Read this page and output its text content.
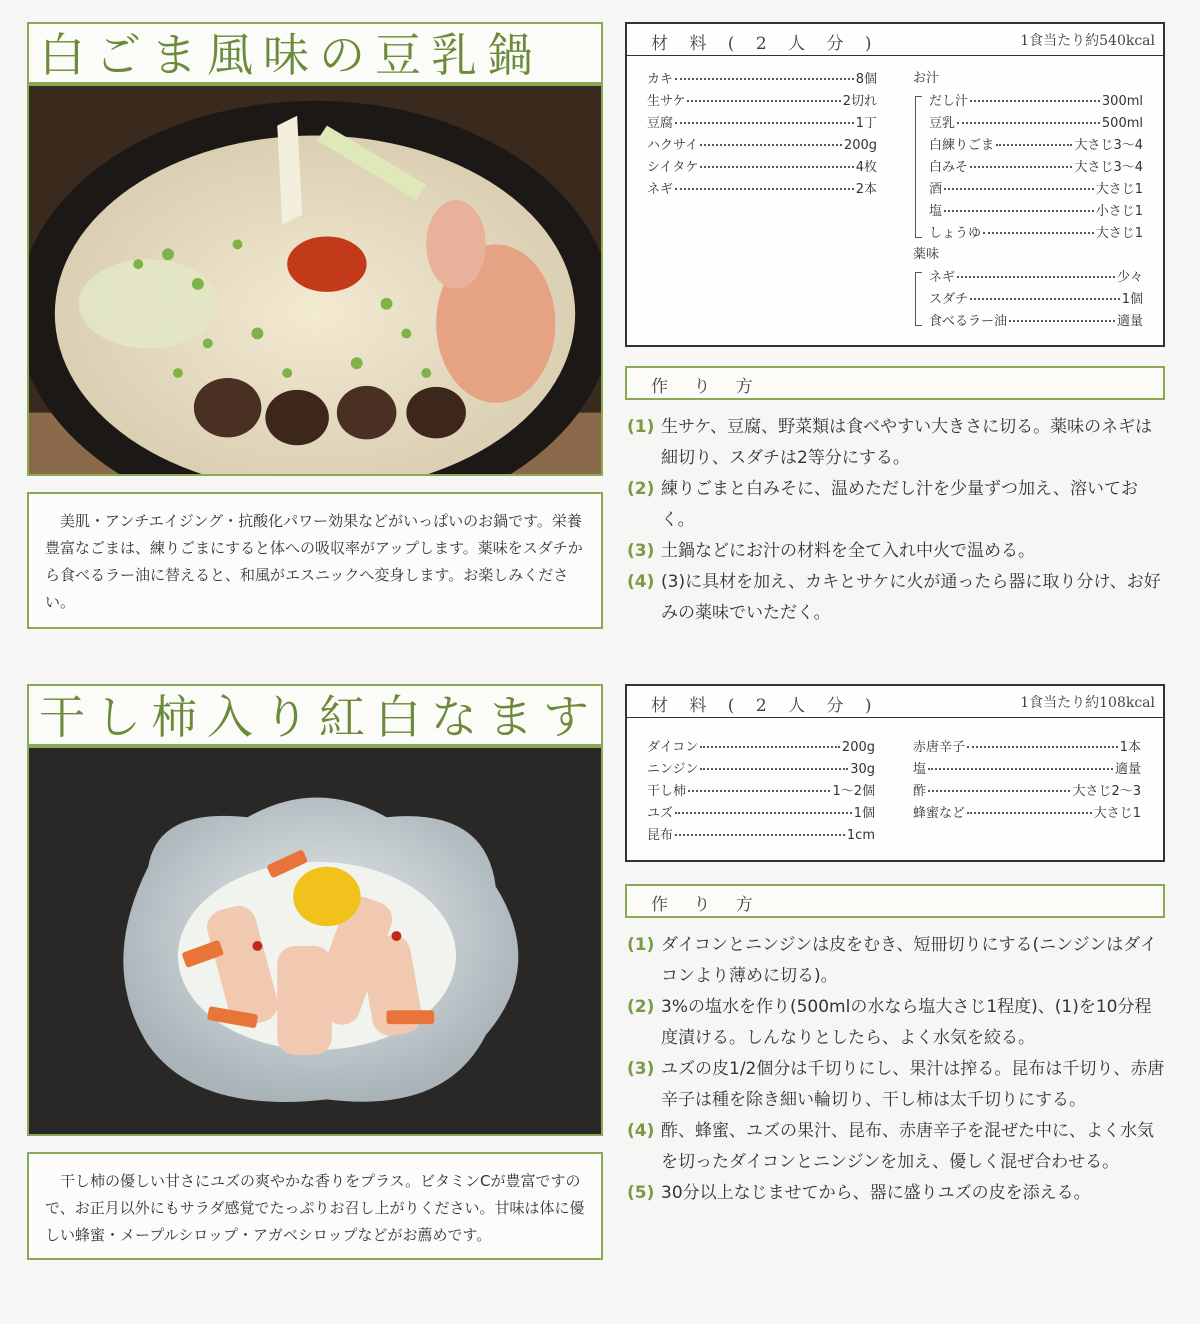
白ごま風味の豆乳鍋
美肌・アンチエイジング・抗酸化パワー効果などがいっぱいのお鍋です。栄養豊富なごまは、練りごまにすると体への吸収率がアップします。薬味をスダチから食べるラー油に替えると、和風がエスニックへ変身します。お楽しみください。
材 料 ( 2 人 分 )	1食当たり約540kcal
カキ	8個
生サケ	2切れ
豆腐	1丁
ハクサイ	200g
シイタケ	4枚
ネギ	2本
お汁
だし汁	300ml
豆乳	500ml
白練りごま	大さじ3〜4
白みそ	大さじ3〜4
酒	大さじ1
塩	小さじ1
しょうゆ	大さじ1
薬味
ネギ	少々
スダチ	1個
食べるラー油	適量
作 り 方
(1) 生サケ、豆腐、野菜類は食べやすい大きさに切る。薬味のネギは細切り、スダチは2等分にする。
(2) 練りごまと白みそに、温めただし汁を少量ずつ加え、溶いておく。
(3) 土鍋などにお汁の材料を全て入れ中火で温める。
(4) (3)に具材を加え、カキとサケに火が通ったら器に取り分け、お好みの薬味でいただく。
干し柿入り紅白なます
干し柿の優しい甘さにユズの爽やかな香りをプラス。ビタミンCが豊富ですので、お正月以外にもサラダ感覚でたっぷりお召し上がりください。甘味は体に優しい蜂蜜・メープルシロップ・アガベシロップなどがお薦めです。
材 料 ( 2 人 分 )	1食当たり約108kcal
ダイコン	200g
ニンジン	30g
干し柿	1〜2個
ユズ	1個
昆布	1cm
赤唐辛子	1本
塩	適量
酢	大さじ2〜3
蜂蜜など	大さじ1
作 り 方
(1) ダイコンとニンジンは皮をむき、短冊切りにする(ニンジンはダイコンより薄めに切る)。
(2) 3%の塩水を作り(500mlの水なら塩大さじ1程度)、(1)を10分程度漬ける。しんなりとしたら、よく水気を絞る。
(3) ユズの皮1/2個分は千切りにし、果汁は搾る。昆布は千切り、赤唐辛子は種を除き細い輪切り、干し柿は太千切りにする。
(4) 酢、蜂蜜、ユズの果汁、昆布、赤唐辛子を混ぜた中に、よく水気を切ったダイコンとニンジンを加え、優しく混ぜ合わせる。
(5) 30分以上なじませてから、器に盛りユズの皮を添える。
